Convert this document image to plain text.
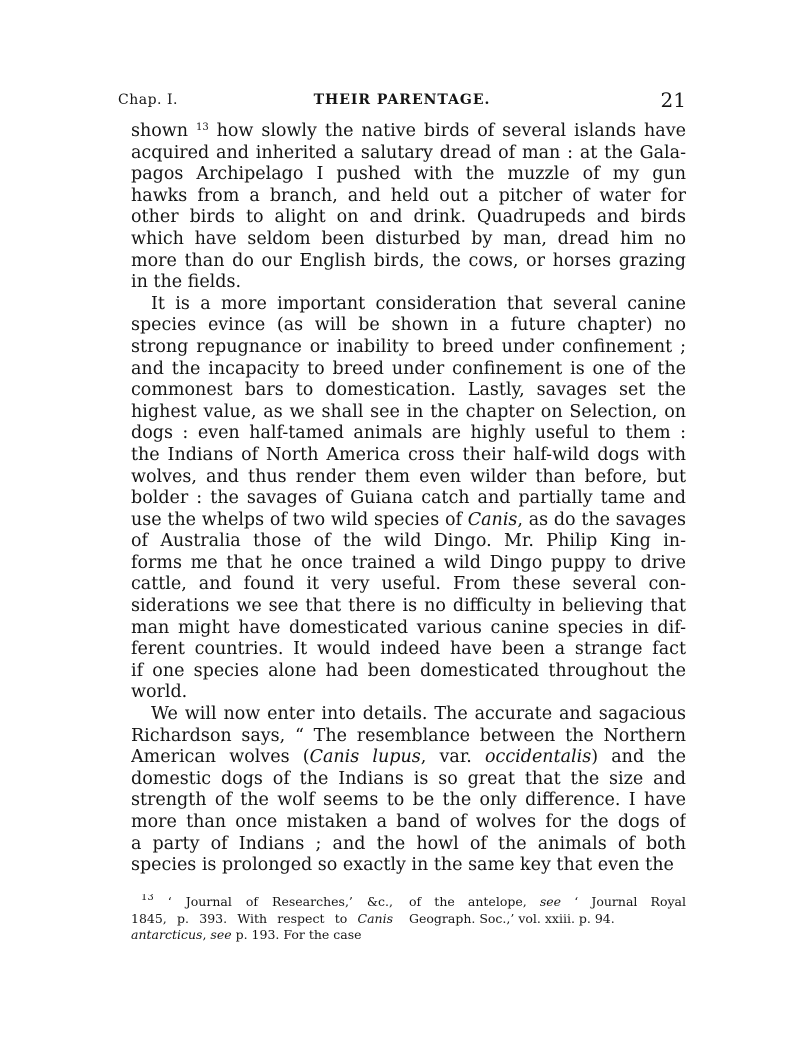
Chap. I.	THEIR PARENTAGE.	21
shown $^{13}$ how slowly the native birds of several islands have
acquired and inherited a salutary dread of man : at the Gala-
pagos Archipelago I pushed with the muzzle of my gun
hawks from a branch, and held out a pitcher of water for
other birds to alight on and drink. Quadrupeds and birds
which have seldom been disturbed by man, dread him no
more than do our English birds, the cows, or horses grazing
in the fields.
It is a more important consideration that several canine
species evince (as will be shown in a future chapter) no
strong repugnance or inability to breed under confinement ;
and the incapacity to breed under confinement is one of the
commonest bars to domestication. Lastly, savages set the
highest value, as we shall see in the chapter on Selection, on
dogs : even half-tamed animals are highly useful to them :
the Indians of North America cross their half-wild dogs with
wolves, and thus render them even wilder than before, but
bolder : the savages of Guiana catch and partially tame and
use the whelps of two wild species of Canis, as do the savages
of Australia those of the wild Dingo. Mr. Philip King in-
forms me that he once trained a wild Dingo puppy to drive
cattle, and found it very useful. From these several con-
siderations we see that there is no difficulty in believing that
man might have domesticated various canine species in dif-
ferent countries. It would indeed have been a strange fact
if one species alone had been domesticated throughout the
world.
We will now enter into details. The accurate and sagacious
Richardson says, “ The resemblance between the Northern
American wolves (Canis lupus, var. occidentalis) and the
domestic dogs of the Indians is so great that the size and
strength of the wolf seems to be the only difference. I have
more than once mistaken a band of wolves for the dogs of
a party of Indians ; and the howl of the animals of both
species is prolonged so exactly in the same key that even the
$^{13}$ ‘ Journal of Researches,’ &c.,
1845, p. 393. With respect to Canis
antarcticus, see p. 193. For the case
of the antelope, see ‘ Journal Royal
Geograph. Soc.,’ vol. xxiii. p. 94.
